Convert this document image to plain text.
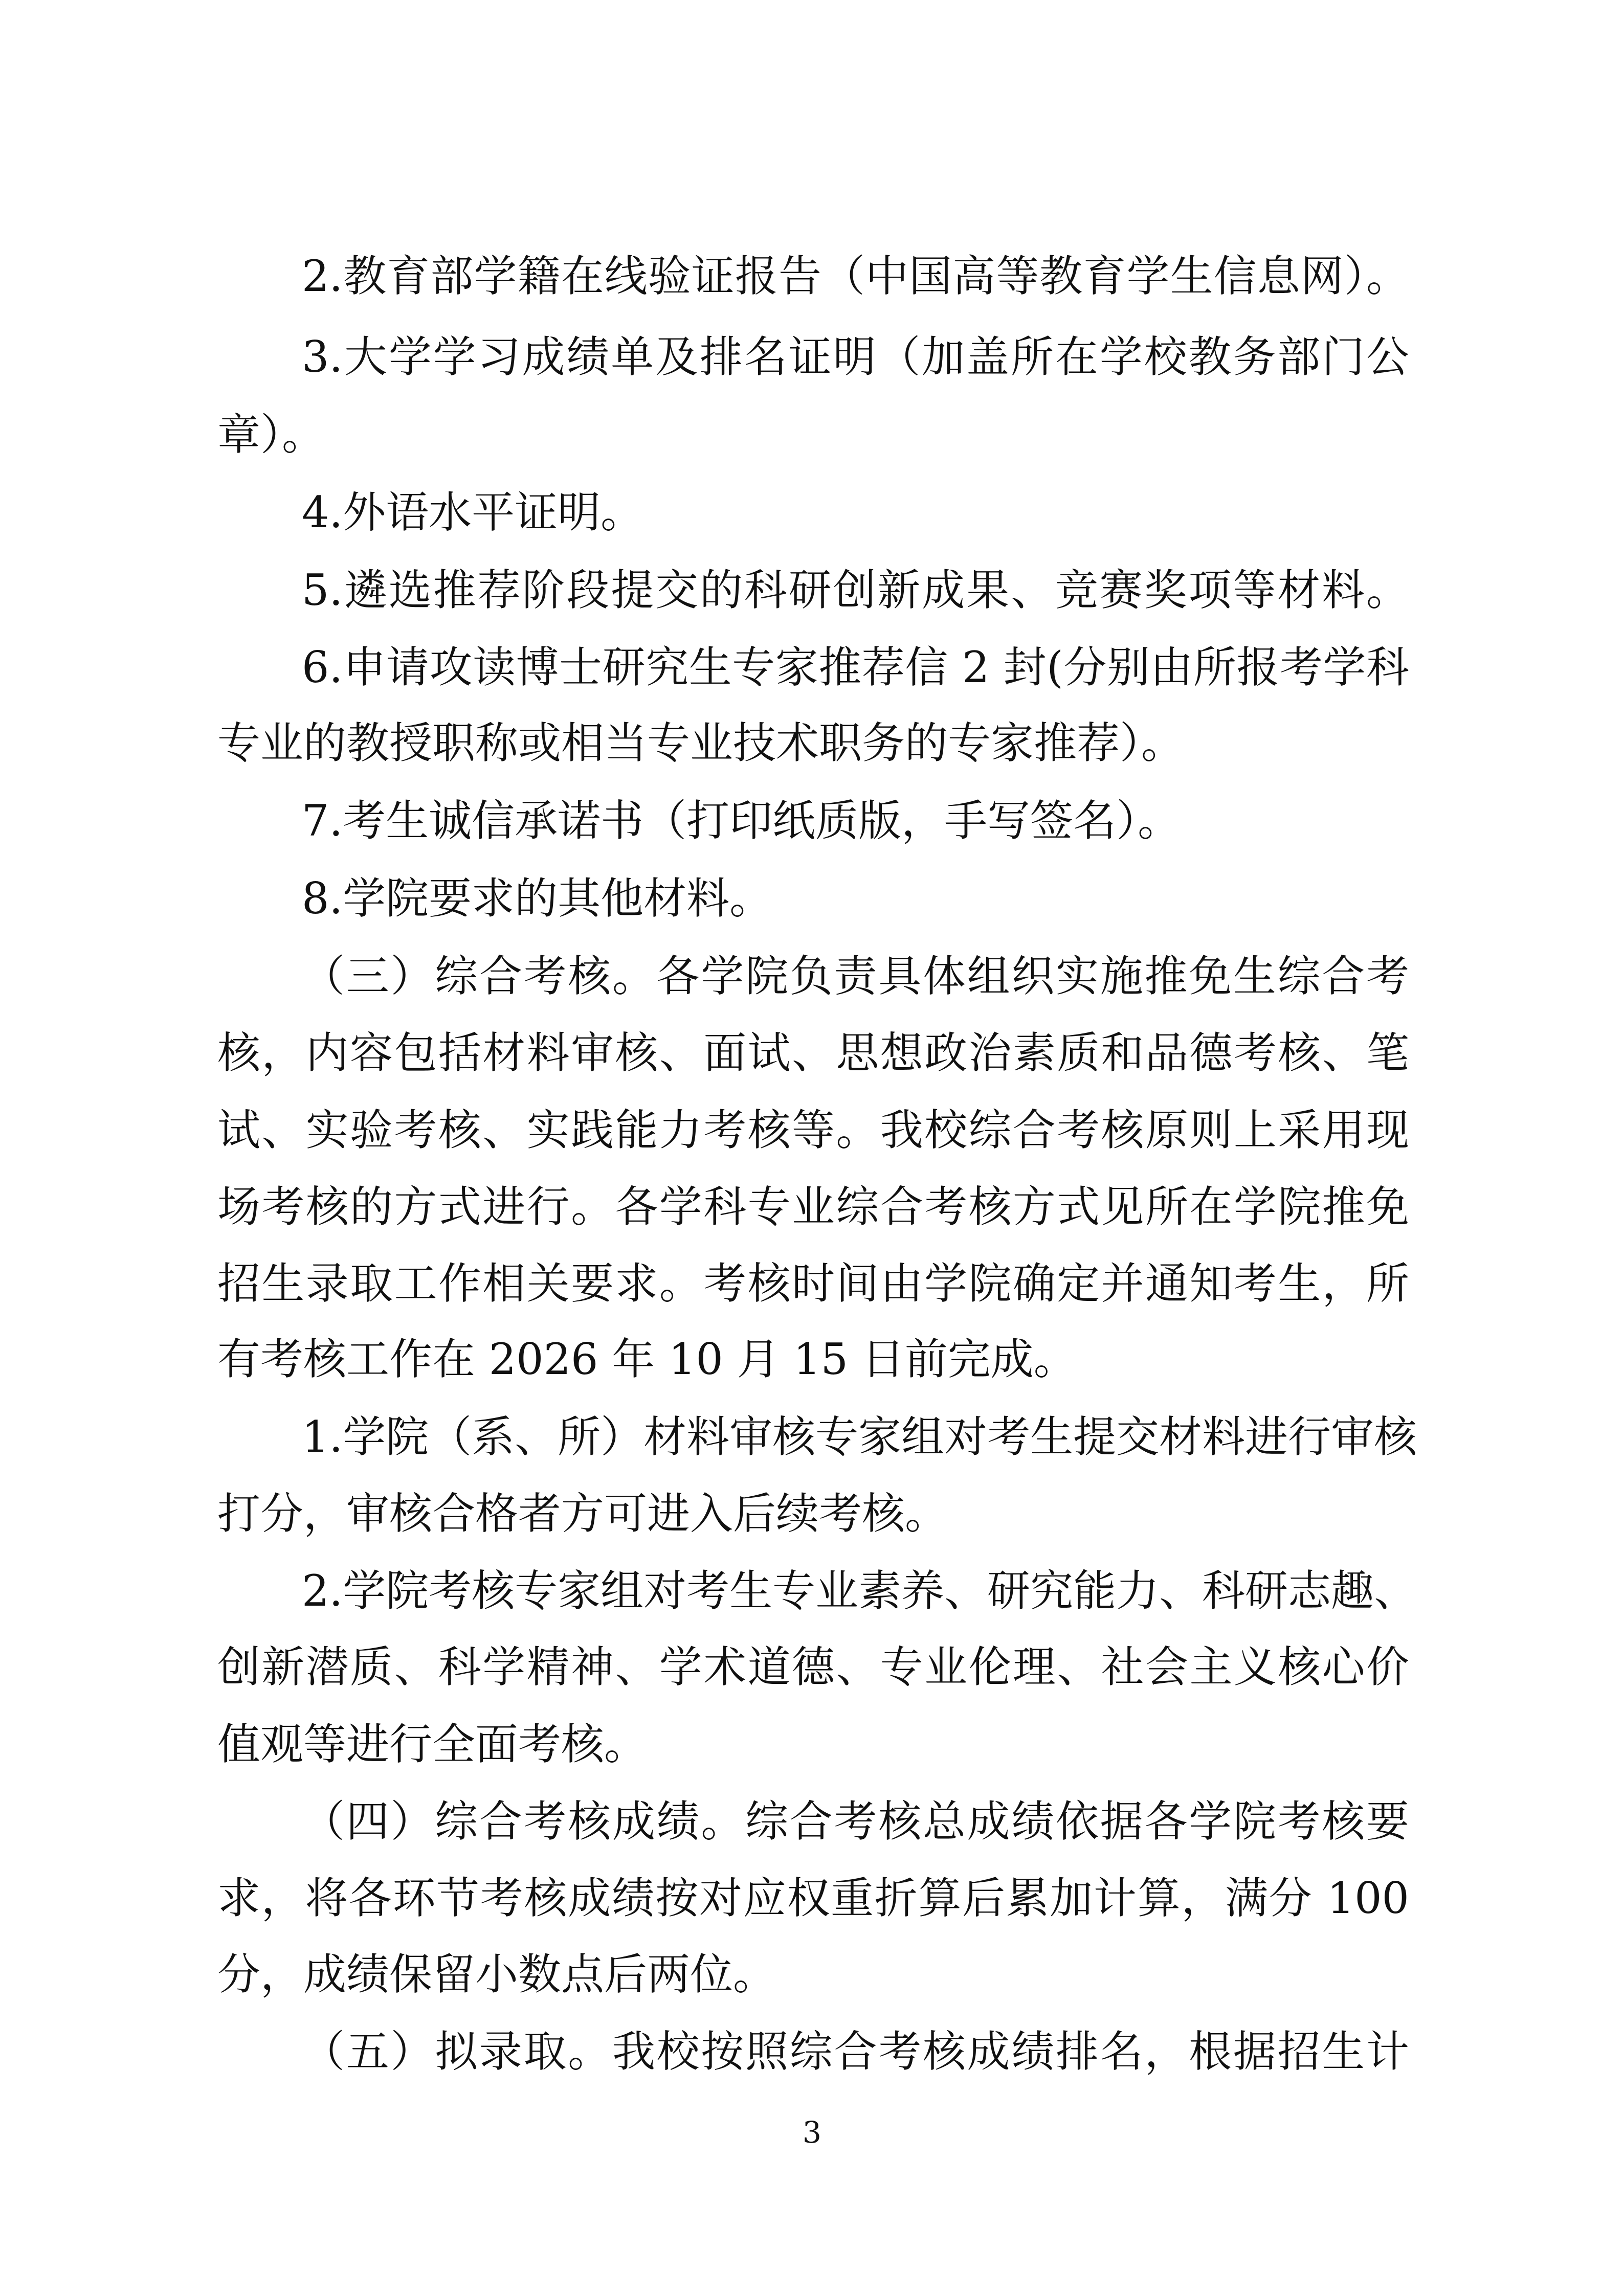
2.教育部学籍在线验证报告（中国高等教育学生信息网）。
3.大学学习成绩单及排名证明（加盖所在学校教务部门公
章）。
4.外语水平证明。
5.遴选推荐阶段提交的科研创新成果、竞赛奖项等材料。
6.申请攻读博士研究生专家推荐信 2 封(分别由所报考学科
专业的教授职称或相当专业技术职务的专家推荐）。
7.考生诚信承诺书（打印纸质版，手写签名）。
8.学院要求的其他材料。
（三）综合考核。各学院负责具体组织实施推免生综合考
核，内容包括材料审核、面试、思想政治素质和品德考核、笔
试、实验考核、实践能力考核等。我校综合考核原则上采用现
场考核的方式进行。各学科专业综合考核方式见所在学院推免
招生录取工作相关要求。考核时间由学院确定并通知考生，所
有考核工作在 2026 年 10 月 15 日前完成。
1.学院（系、所）材料审核专家组对考生提交材料进行审核
打分，审核合格者方可进入后续考核。
2.学院考核专家组对考生专业素养、研究能力、科研志趣、
创新潜质、科学精神、学术道德、专业伦理、社会主义核心价
值观等进行全面考核。
（四）综合考核成绩。综合考核总成绩依据各学院考核要
求，将各环节考核成绩按对应权重折算后累加计算，满分 100
分，成绩保留小数点后两位。
（五）拟录取。我校按照综合考核成绩排名，根据招生计
3
